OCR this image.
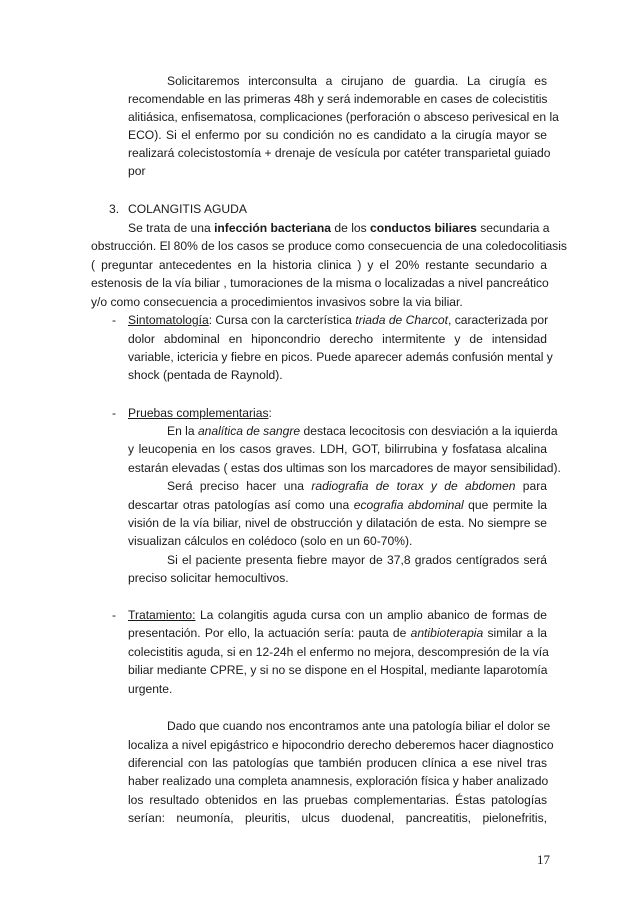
Solicitaremos interconsulta a cirujano de guardia. La cirugía es
recomendable en las primeras 48h y será indemorable en cases de colecistitis
alitiásica, enfisematosa, complicaciones (perforación o absceso perivesical en la
ECO). Si el enfermo por su condición no es candidato a la cirugía mayor se
realizará colecistostomía + drenaje de vesícula por catéter transparietal guiado
por
3. COLANGITIS AGUDA
Se trata de una infección bacteriana de los conductos biliares secundaria a
obstrucción. El 80% de los casos se produce como consecuencia de una coledocolitiasis
( preguntar antecedentes en la historia clinica ) y el 20% restante secundario a
estenosis de la vía biliar , tumoraciones de la misma o localizadas a nivel pancreático
y/o como consecuencia a procedimientos invasivos sobre la via biliar.
- Sintomatología: Cursa con la carcterística triada de Charcot, caracterizada por
dolor abdominal en hiponcondrio derecho intermitente y de intensidad
variable, ictericia y fiebre en picos. Puede aparecer además confusión mental y
shock (pentada de Raynold).
- Pruebas complementarias:
En la analítica de sangre destaca lecocitosis con desviación a la iquierda
y leucopenia en los casos graves. LDH, GOT, bilirrubina y fosfatasa alcalina
estarán elevadas ( estas dos ultimas son los marcadores de mayor sensibilidad).
Será preciso hacer una radiografia de torax y de abdomen para
descartar otras patologías así como una ecografia abdominal que permite la
visión de la vía biliar, nivel de obstrucción y dilatación de esta. No siempre se
visualizan cálculos en colédoco (solo en un 60-70%).
Si el paciente presenta fiebre mayor de 37,8 grados centígrados será
preciso solicitar hemocultivos.
- Tratamiento: La colangitis aguda cursa con un amplio abanico de formas de
presentación. Por ello, la actuación sería: pauta de antibioterapia similar a la
colecistitis aguda, si en 12-24h el enfermo no mejora, descompresión de la vía
biliar mediante CPRE, y si no se dispone en el Hospital, mediante laparotomía
urgente.
Dado que cuando nos encontramos ante una patología biliar el dolor se
localiza a nivel epigástrico e hipocondrio derecho deberemos hacer diagnostico
diferencial con las patologías que también producen clínica a ese nivel tras
haber realizado una completa anamnesis, exploración física y haber analizado
los resultado obtenidos en las pruebas complementarias. Éstas patologías
serían: neumonía, pleuritis, ulcus duodenal, pancreatitis, pielonefritis,
17
